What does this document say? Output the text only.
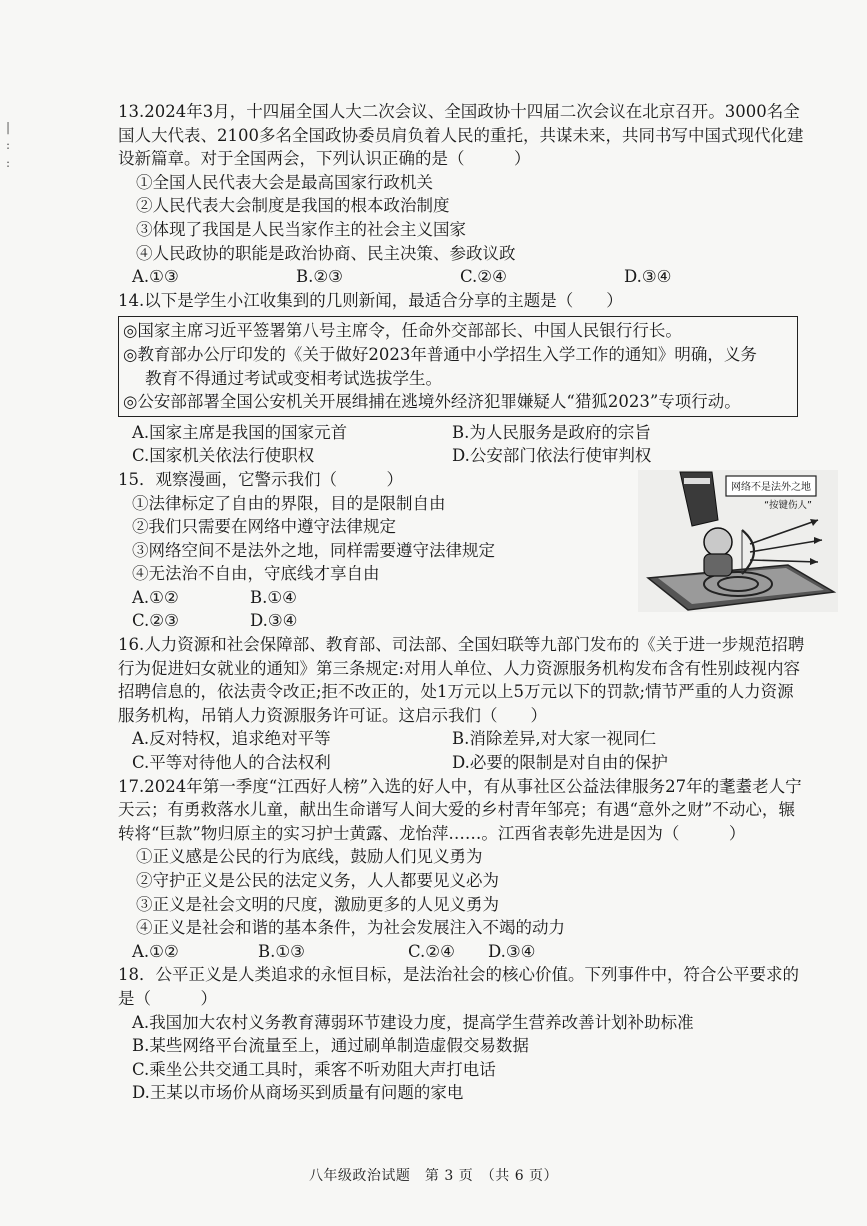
|
:
:

13.2024年3月，十四届全国人大二次会议、全国政协十四届二次会议在北京召开。3000名全国人大代表、2100多名全国政协委员肩负着人民的重托，共谋未来，共同书写中国式现代化建设新篇章。对于全国两会，下列认识正确的是（　　　）

①全国人民代表大会是最高国家行政机关

②人民代表大会制度是我国的根本政治制度

③体现了我国是人民当家作主的社会主义国家

④人民政协的职能是政治协商、民主决策、参政议政

A.①③	B.②③	C.②④	D.③④

14.以下是学生小江收集到的几则新闻，最适合分享的主题是（　　）

◎国家主席习近平签署第八号主席令，任命外交部部长、中国人民银行行长。
◎教育部办公厅印发的《关于做好2023年普通中小学招生入学工作的通知》明确，义务
教育不得通过考试或变相考试选拔学生。
◎公安部部署全国公安机关开展缉捕在逃境外经济犯罪嫌疑人“猎狐2023”专项行动。
A.国家主席是我国的国家元首	B.为人民服务是政府的宗旨
C.国家机关依法行使职权	D.公安部门依法行使审判权

15．观察漫画，它警示我们（　　　）

①法律标定了自由的界限，目的是限制自由

②我们只需要在网络中遵守法律规定

③网络空间不是法外之地，同样需要遵守法律规定

④无法治不自由，守底线才享自由

A.①②	B.①④
C.②③	D.③④
网络不是法外之地
“按键伤人”

16.人力资源和社会保障部、教育部、司法部、全国妇联等九部门发布的《关于进一步规范招聘行为促进妇女就业的通知》第三条规定:对用人单位、人力资源服务机构发布含有性别歧视内容招聘信息的，依法责令改正;拒不改正的，处1万元以上5万元以下的罚款;情节严重的人力资源服务机构，吊销人力资源服务许可证。这启示我们（　　）

A.反对特权，追求绝对平等	B.消除差异,对大家一视同仁
C.平等对待他人的合法权利	D.必要的限制是对自由的保护

17.2024年第一季度“江西好人榜”入选的好人中，有从事社区公益法律服务27年的耄耋老人宁天云；有勇救落水儿童，献出生命谱写人间大爱的乡村青年邹亮；有遇“意外之财”不动心，辗转将“巨款”物归原主的实习护士黄露、龙怡萍……。江西省表彰先进是因为（　　　）

①正义感是公民的行为底线，鼓励人们见义勇为

②守护正义是公民的法定义务，人人都要见义必为

③正义是社会文明的尺度，激励更多的人见义勇为

④正义是社会和谐的基本条件，为社会发展注入不竭的动力

A.①②	B.①③	C.②④	D.③④

18．公平正义是人类追求的永恒目标，是法治社会的核心价值。下列事件中，符合公平要求的是（　　　）

A.我国加大农村义务教育薄弱环节建设力度，提高学生营养改善计划补助标准

B.某些网络平台流量至上，通过刷单制造虚假交易数据

C.乘坐公共交通工具时，乘客不听劝阻大声打电话

D.王某以市场价从商场买到质量有问题的家电

八年级政治试题　第 3 页　（共 6 页）
